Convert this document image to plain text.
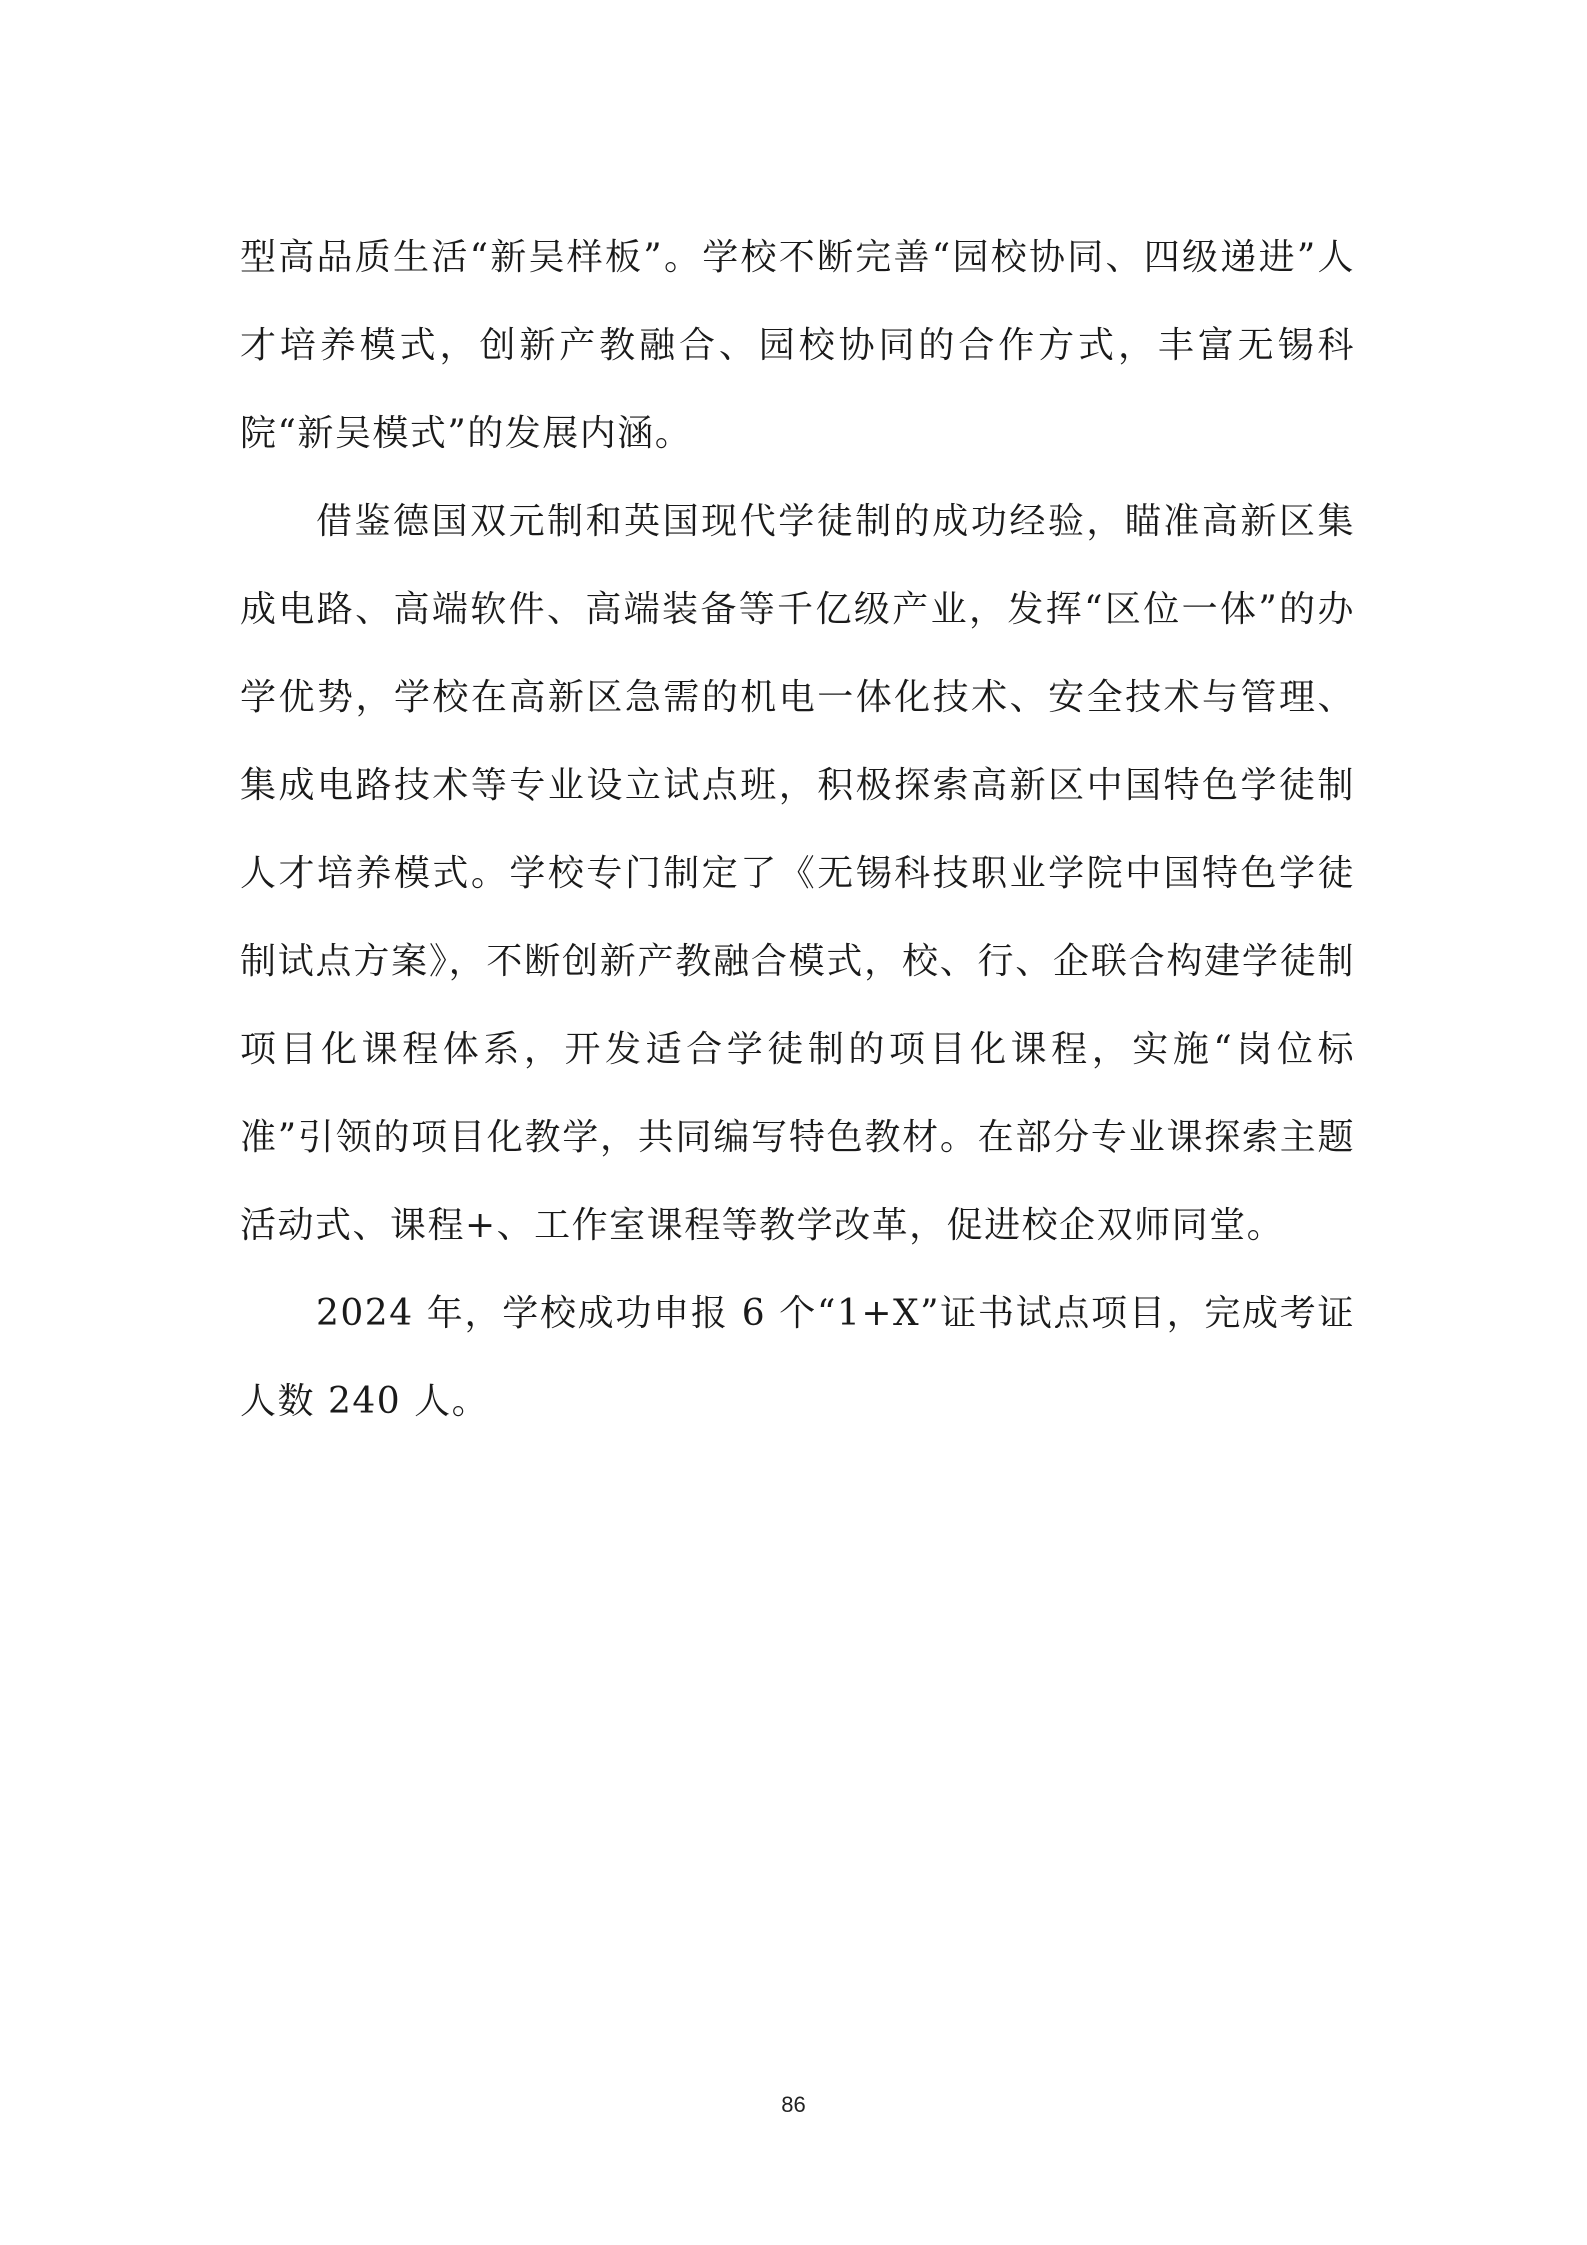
型高品质生活“新吴样板”。学校不断完善“园校协同、四级递进”人才培养模式，创新产教融合、园校协同的合作方式，丰富无锡科院“新吴模式”的发展内涵。

借鉴德国双元制和英国现代学徒制的成功经验，瞄准高新区集成电路、高端软件、高端装备等千亿级产业，发挥“区位一体”的办学优势，学校在高新区急需的机电一体化技术、安全技术与管理、集成电路技术等专业设立试点班，积极探索高新区中国特色学徒制人才培养模式。学校专门制定了《无锡科技职业学院中国特色学徒制试点方案》，不断创新产教融合模式，校、行、企联合构建学徒制项目化课程体系，开发适合学徒制的项目化课程，实施“岗位标准”引领的项目化教学，共同编写特色教材。在部分专业课探索主题活动式、课程+、工作室课程等教学改革，促进校企双师同堂。

2024 年，学校成功申报 6 个“1+X”证书试点项目，完成考证人数 240 人。

86
